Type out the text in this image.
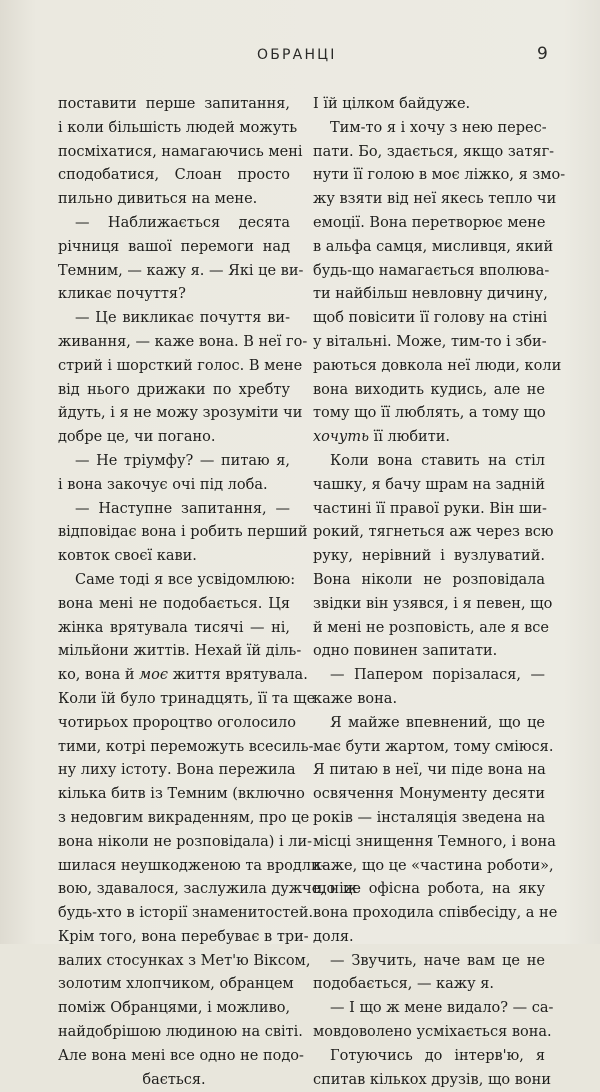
ОБРАНЦІ	9
поставити перше запитання,
і коли більшість людей можуть
посміхатися, намагаючись мені
сподобатися, Слоан просто
пильно дивиться на мене.
— Наближається десята
річниця вашої перемоги над
Темним, — кажу я. — Які це ви-
кликає почуття?
— Це викликає почуття ви-
живання, — каже вона. В неї го-
стрий і шорсткий голос. В мене
від нього дрижаки по хребту
йдуть, і я не можу зрозуміти чи
добре це, чи погано.
— Не тріумфу? — питаю я,
і вона закочує очі під лоба.
— Наступне запитання, —
відповідає вона і робить перший
ковток своєї кави.
Саме тоді я все усвідомлюю:
вона мені не подобається. Ця
жінка врятувала тисячі — ні,
мільйони життів. Нехай їй діль-
ко, вона й моє життя врятувала.
Коли їй було тринадцять, її та ще
чотирьох пророцтво оголосило
тими, котрі переможуть всесиль-
ну лиху істоту. Вона пережила
кілька битв із Темним (включно
з недовгим викраденням, про це
вона ніколи не розповідала) і ли-
шилася неушкодженою та вродли-
вою, здавалося, заслужила дужче, ніж
будь-хто в історії знаменитостей.
Крім того, вона перебуває в три-
валих стосунках з Мет'ю Віксом,
золотим хлопчиком, обранцем
поміж Обранцями, і можливо,
найдобрішою людиною на світі.
Але вона мені все одно не подо-
бається.
І їй цілком байдуже.
Тим-то я і хочу з нею перес-
пати. Бо, здається, якщо затяг-
нути її голою в моє ліжко, я змо-
жу взяти від неї якесь тепло чи
емоції. Вона перетворює мене
в альфа самця, мисливця, який
будь-що намагається вполюва-
ти найбільш невловну дичину,
щоб повісити її голову на стіні
у вітальні. Може, тим-то і зби-
раються довкола неї люди, коли
вона виходить кудись, але не
тому що її люблять, а тому що
хочуть її любити.
Коли вона ставить на стіл
чашку, я бачу шрам на задній
частині її правої руки. Він ши-
рокий, тягнеться аж через всю
руку, нерівний і вузлуватий.
Вона ніколи не розповідала
звідки він узявся, і я певен, що
й мені не розповість, але я все
одно повинен запитати.
— Папером порізалася, —
каже вона.
Я майже впевнений, що це
має бути жартом, тому сміюся.
Я питаю в неї, чи піде вона на
освячення Монументу десяти
років — інсталяція зведена на
місці знищення Темного, і вона
каже, що це «частина роботи»,
що це офісна робота, на яку
вона проходила співбесіду, а не
доля.
— Звучить, наче вам це не
подобається, — кажу я.
— І що ж мене видало? — са-
мовдоволено усміхається вона.
Готуючись до інтерв'ю, я
спитав кількох друзів, що вони
